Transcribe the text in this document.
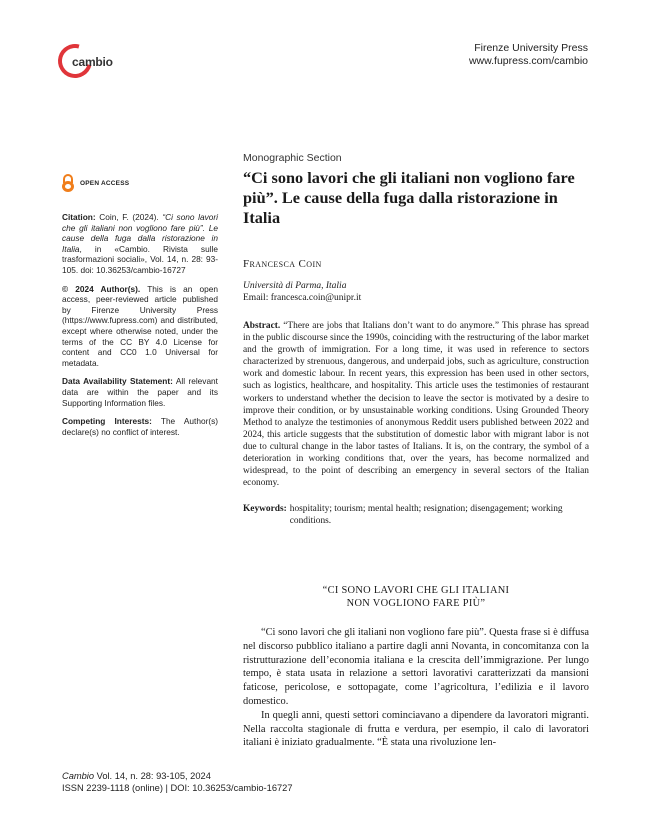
cambio
Firenze University Press
www.fupress.com/cambio
OPEN ACCESS

Citation: Coin, F. (2024). “Ci sono lavori che gli italiani non vogliono fare più”. Le cause della fuga dalla ristorazione in Italia, in «Cambio. Rivista sulle trasformazioni sociali», Vol. 14, n. 28: 93-105. doi: 10.36253/cambio-16727

© 2024 Author(s). This is an open access, peer-reviewed article published by Firenze University Press (https://www.fupress.com) and distributed, except where otherwise noted, under the terms of the CC BY 4.0 License for content and CC0 1.0 Universal for metadata.

Data Availability Statement: All relevant data are within the paper and its Supporting Information files.

Competing Interests: The Author(s) declare(s) no conflict of interest.

Monographic Section
“Ci sono lavori che gli italiani non vogliono fare più”. Le cause della fuga dalla ristorazione in Italia
Francesca Coin
Università di Parma, Italia
Email: francesca.coin@unipr.it
Abstract. “There are jobs that Italians don’t want to do anymore.” This phrase has spread in the public discourse since the 1990s, coinciding with the restructuring of the labor market and the growth of immigration. For a long time, it was used in reference to sectors characterized by strenuous, dangerous, and underpaid jobs, such as agriculture, construction work and domestic labour. In recent years, this expression has been used in other sectors, such as logistics, healthcare, and hospitality. This article uses the testimonies of restaurant workers to understand whether the decision to leave the sector is motivated by a desire to improve their condition, or by unsustainable working conditions. Using Grounded Theory Method to analyze the testimonies of anonymous Reddit users published between 2022 and 2024, this article suggests that the substitution of domestic labor with migrant labor is not due to cultural change in the labor tastes of Italians. It is, on the contrary, the symbol of a deterioration in working conditions that, over the years, has become normalized and widespread, to the point of describing an emergency in several sectors of the Italian economy.
Keywords: hospitality; tourism; mental health; resignation; disengagement; working conditions.
“CI SONO LAVORI CHE GLI ITALIANI
NON VOGLIONO FARE PIÙ”

“Ci sono lavori che gli italiani non vogliono fare più”. Questa frase si è diffusa nel discorso pubblico italiano a partire dagli anni Novanta, in concomitanza con la ristrutturazione dell’economia italiana e la crescita dell’immigrazione. Per lungo tempo, è stata usata in relazione a settori lavorativi caratterizzati da mansioni faticose, pericolose, e sottopagate, come l’agricoltura, l’edilizia e il lavoro domestico.

In quegli anni, questi settori cominciavano a dipendere da lavoratori migranti. Nella raccolta stagionale di frutta e verdura, per esempio, il calo di lavoratori italiani è iniziato gradualmente. “È stata una rivoluzione len-

Cambio Vol. 14, n. 28: 93-105, 2024
ISSN 2239-1118 (online) | DOI: 10.36253/cambio-16727
